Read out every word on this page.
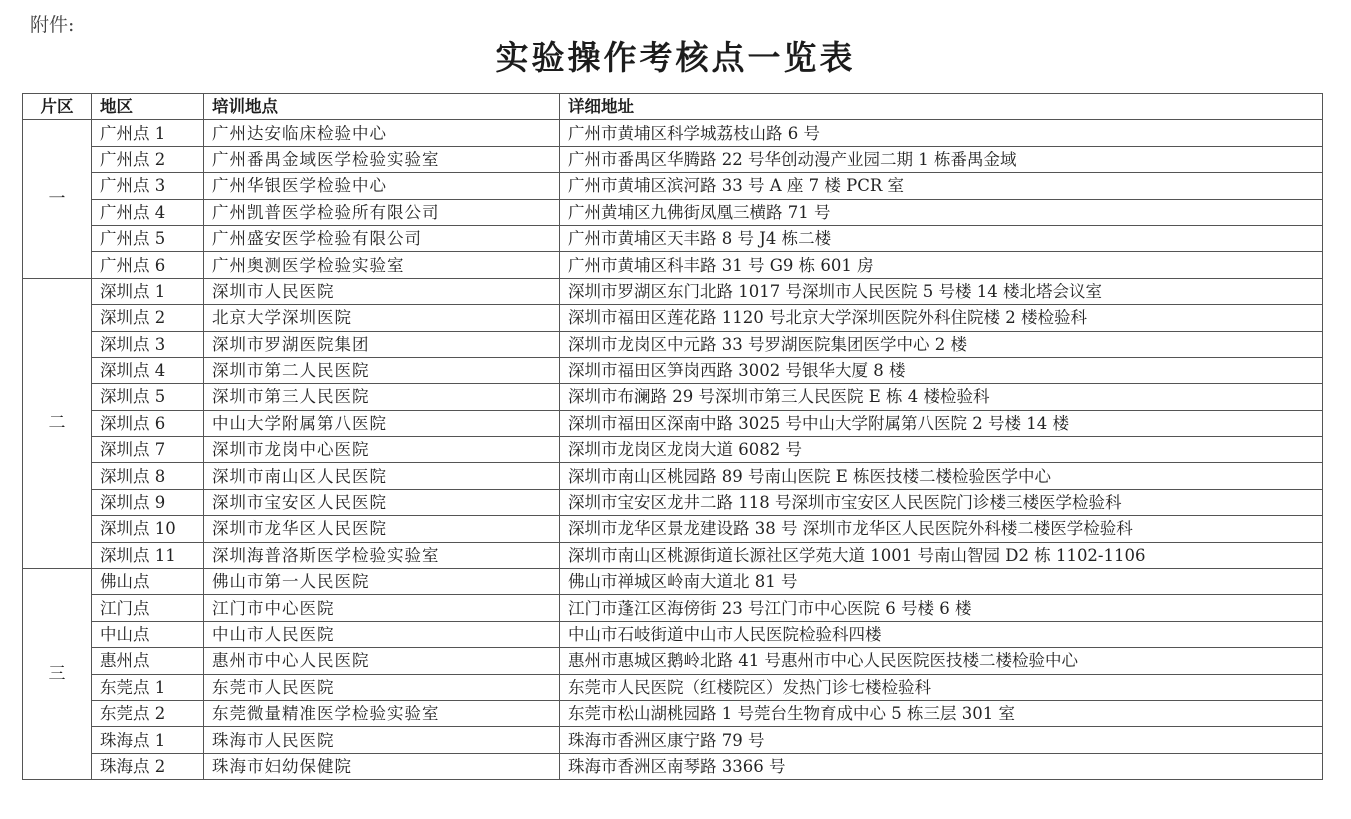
附件:
实验操作考核点一览表
片区	地区	培训地点	详细地址
一	广州点 1	广州达安临床检验中心	广州市黄埔区科学城荔枝山路 6 号
	广州点 2	广州番禺金域医学检验实验室	广州市番禺区华腾路 22 号华创动漫产业园二期 1 栋番禺金域
	广州点 3	广州华银医学检验中心	广州市黄埔区滨河路 33 号 A 座 7 楼 PCR 室
	广州点 4	广州凯普医学检验所有限公司	广州黄埔区九佛街凤凰三横路 71 号
	广州点 5	广州盛安医学检验有限公司	广州市黄埔区天丰路 8 号 J4 栋二楼
	广州点 6	广州奥测医学检验实验室	广州市黄埔区科丰路 31 号 G9 栋 601 房
二	深圳点 1	深圳市人民医院	深圳市罗湖区东门北路 1017 号深圳市人民医院 5 号楼 14 楼北塔会议室
	深圳点 2	北京大学深圳医院	深圳市福田区莲花路 1120 号北京大学深圳医院外科住院楼 2 楼检验科
	深圳点 3	深圳市罗湖医院集团	深圳市龙岗区中元路 33 号罗湖医院集团医学中心 2 楼
	深圳点 4	深圳市第二人民医院	深圳市福田区笋岗西路 3002 号银华大厦 8 楼
	深圳点 5	深圳市第三人民医院	深圳市布澜路 29 号深圳市第三人民医院 E 栋 4 楼检验科
	深圳点 6	中山大学附属第八医院	深圳市福田区深南中路 3025 号中山大学附属第八医院 2 号楼 14 楼
	深圳点 7	深圳市龙岗中心医院	深圳市龙岗区龙岗大道 6082 号
	深圳点 8	深圳市南山区人民医院	深圳市南山区桃园路 89 号南山医院 E 栋医技楼二楼检验医学中心
	深圳点 9	深圳市宝安区人民医院	深圳市宝安区龙井二路 118 号深圳市宝安区人民医院门诊楼三楼医学检验科
	深圳点 10	深圳市龙华区人民医院	深圳市龙华区景龙建设路 38 号 深圳市龙华区人民医院外科楼二楼医学检验科
	深圳点 11	深圳海普洛斯医学检验实验室	深圳市南山区桃源街道长源社区学苑大道 1001 号南山智园 D2 栋 1102-1106
三	佛山点	佛山市第一人民医院	佛山市禅城区岭南大道北 81 号
	江门点	江门市中心医院	江门市蓬江区海傍街 23 号江门市中心医院 6 号楼 6 楼
	中山点	中山市人民医院	中山市石岐街道中山市人民医院检验科四楼
	惠州点	惠州市中心人民医院	惠州市惠城区鹅岭北路 41 号惠州市中心人民医院医技楼二楼检验中心
	东莞点 1	东莞市人民医院	东莞市人民医院（红楼院区）发热门诊七楼检验科
	东莞点 2	东莞微量精准医学检验实验室	东莞市松山湖桃园路 1 号莞台生物育成中心 5 栋三层 301 室
	珠海点 1	珠海市人民医院	珠海市香洲区康宁路 79 号
	珠海点 2	珠海市妇幼保健院	珠海市香洲区南琴路 3366 号
